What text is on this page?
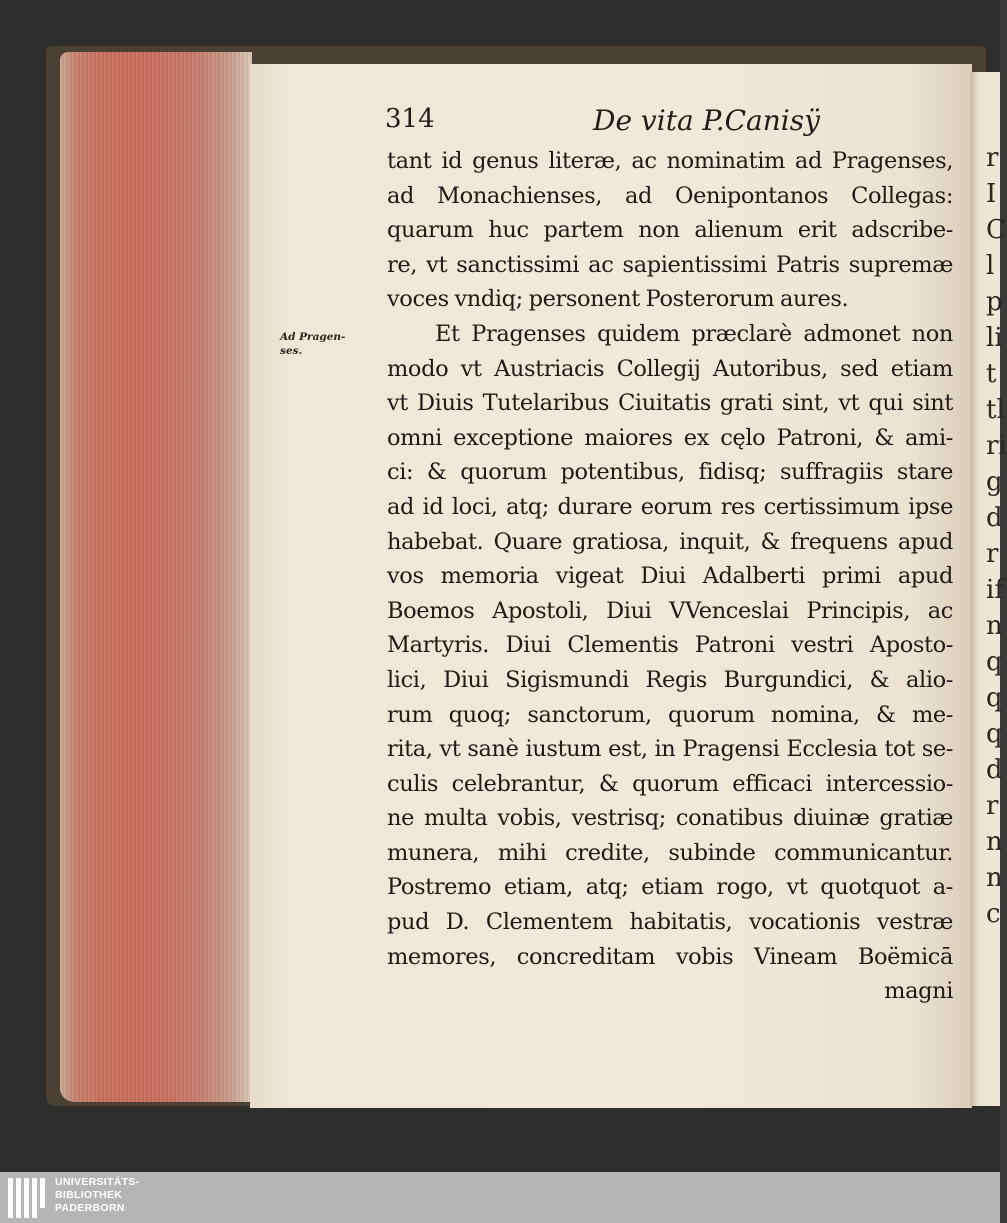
r
I
C
l
p
li
t
tl
ri
g
d
r
if
n
q
q
q
d
r
n
n
c
314	De vita P.Canisÿ
Ad Pragen-
ses.
tant id genus literæ, ac nominatim ad Pragenses,
ad Monachienses, ad Oenipontanos Collegas:
quarum huc partem non alienum erit adscribe-
re, vt sanctissimi ac sapientissimi Patris supremæ
voces vndiq; personent Posterorum aures.
Et Pragenses quidem præclarè admonet non
modo vt Austriacis Collegij Autoribus, sed etiam
vt Diuis Tutelaribus Ciuitatis grati sint, vt qui sint
omni exceptione maiores ex cęlo Patroni, & ami-
ci: & quorum potentibus, fidisq; suffragiis stare
ad id loci, atq; durare eorum res certissimum ipse
habebat. Quare gratiosa, inquit, & frequens apud
vos memoria vigeat Diui Adalberti primi apud
Boemos Apostoli, Diui VVenceslai Principis, ac
Martyris. Diui Clementis Patroni vestri Aposto-
lici, Diui Sigismundi Regis Burgundici, & alio-
rum quoq; sanctorum, quorum nomina, & me-
rita, vt sanè iustum est, in Pragensi Ecclesia tot se-
culis celebrantur, & quorum efficaci intercessio-
ne multa vobis, vestrisq; conatibus diuinæ gratiæ
munera, mihi credite, subinde communicantur.
Postremo etiam, atq; etiam rogo, vt quotquot a-
pud D. Clementem habitatis, vocationis vestræ
memores, concreditam vobis Vineam Boëmicā
magni
UNIVERSITÄTS-
BIBLIOTHEK
PADERBORN
